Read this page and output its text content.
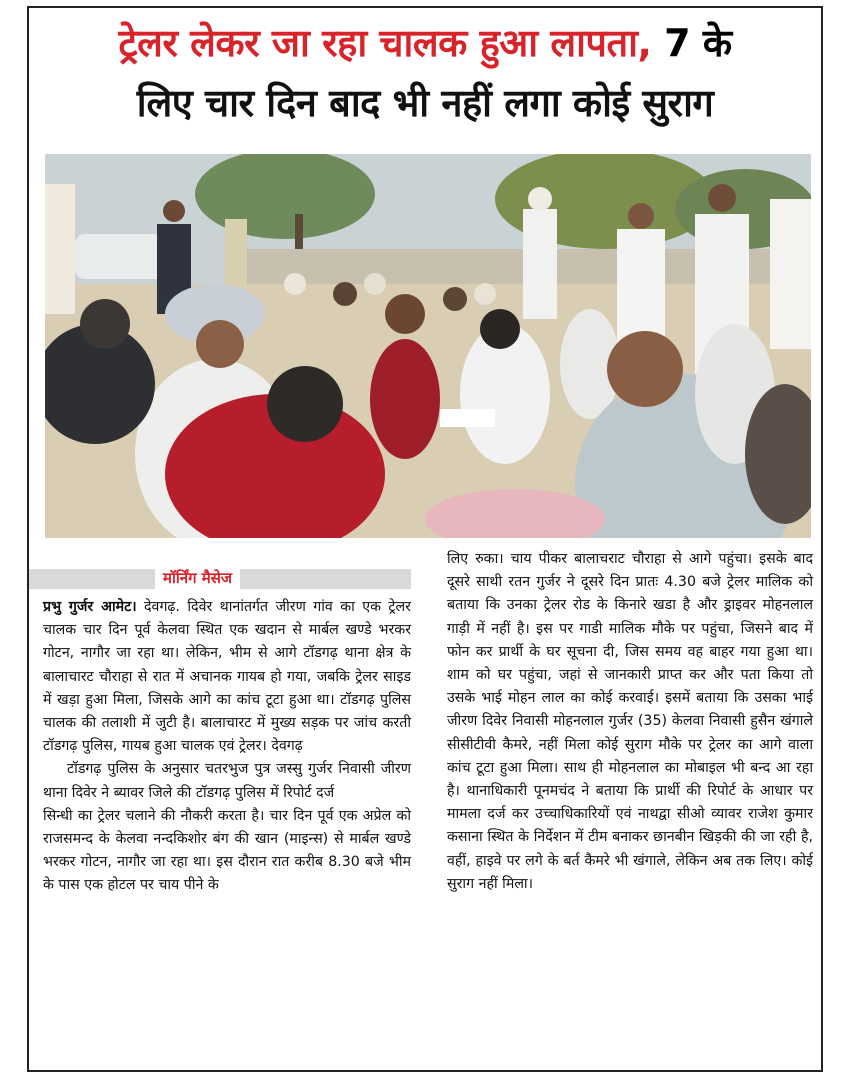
ट्रेलर लेकर जा रहा चालक हुआ लापता, 7 के
लिए चार दिन बाद भी नहीं लगा कोई सुराग
मॉर्निंग मैसेज

प्रभु गुर्जर आमेट। देवगढ़. दिवेर थानांतर्गत जीरण गांव का एक ट्रेलर चालक चार दिन पूर्व केलवा स्थित एक खदान से मार्बल खण्डे भरकर गोटन, नागौर जा रहा था। लेकिन, भीम से आगे टॉडगढ़ थाना क्षेत्र के बालाचारट चौराहा से रात में अचानक गायब हो गया, जबकि ट्रेलर साइड में खड़ा हुआ मिला, जिसके आगे का कांच टूटा हुआ था। टॉडगढ़ पुलिस चालक की तलाशी में जुटी है। बालाचारट में मुख्य सड़क पर जांच करती टॉडगढ़ पुलिस, गायब हुआ चालक एवं ट्रेलर। देवगढ़

टॉडगढ़ पुलिस के अनुसार चतरभुज पुत्र जस्सु गुर्जर निवासी जीरण थाना दिवेर ने ब्यावर जिले की टॉडगढ़ पुलिस में रिपोर्ट दर्ज

सिन्धी का ट्रेलर चलाने की नौकरी करता है। चार दिन पूर्व एक अप्रेल को राजसमन्द के केलवा नन्दकिशोर बंग की खान (माइन्स) से मार्बल खण्डे भरकर गोटन, नागौर जा रहा था। इस दौरान रात करीब 8.30 बजे भीम के पास एक होटल पर चाय पीने के

लिए रुका। चाय पीकर बालाचराट चौराहा से आगे पहुंचा। इसके बाद दूसरे साथी रतन गुर्जर ने दूसरे दिन प्रातः 4.30 बजे ट्रेलर मालिक को बताया कि उनका ट्रेलर रोड के किनारे खडा है और ड्राइवर मोहनलाल गाड़ी में नहीं है। इस पर गाडी मालिक मौके पर पहुंचा, जिसने बाद में फोन कर प्रार्थी के घर सूचना दी, जिस समय वह बाहर गया हुआ था। शाम को घर पहुंचा, जहां से जानकारी प्राप्त कर और पता किया तो उसके भाई मोहन लाल का कोई करवाई। इसमें बताया कि उसका भाई जीरण दिवेर निवासी मोहनलाल गुर्जर (35) केलवा निवासी हुसैन खंगाले सीसीटीवी कैमरे, नहीं मिला कोई सुराग मौके पर ट्रेलर का आगे वाला कांच टूटा हुआ मिला। साथ ही मोहनलाल का मोबाइल भी बन्द आ रहा है। थानाधिकारी पूनमचंद ने बताया कि प्रार्थी की रिपोर्ट के आधार पर मामला दर्ज कर उच्चाधिकारियों एवं नाथद्वा सीओ व्यावर राजेश कुमार कसाना स्थित के निर्देशन में टीम बनाकर छानबीन खिड़की की जा रही है, वहीं, हाइवे पर लगे के बर्त कैमरे भी खंगाले, लेकिन अब तक लिए। कोई सुराग नहीं मिला।
